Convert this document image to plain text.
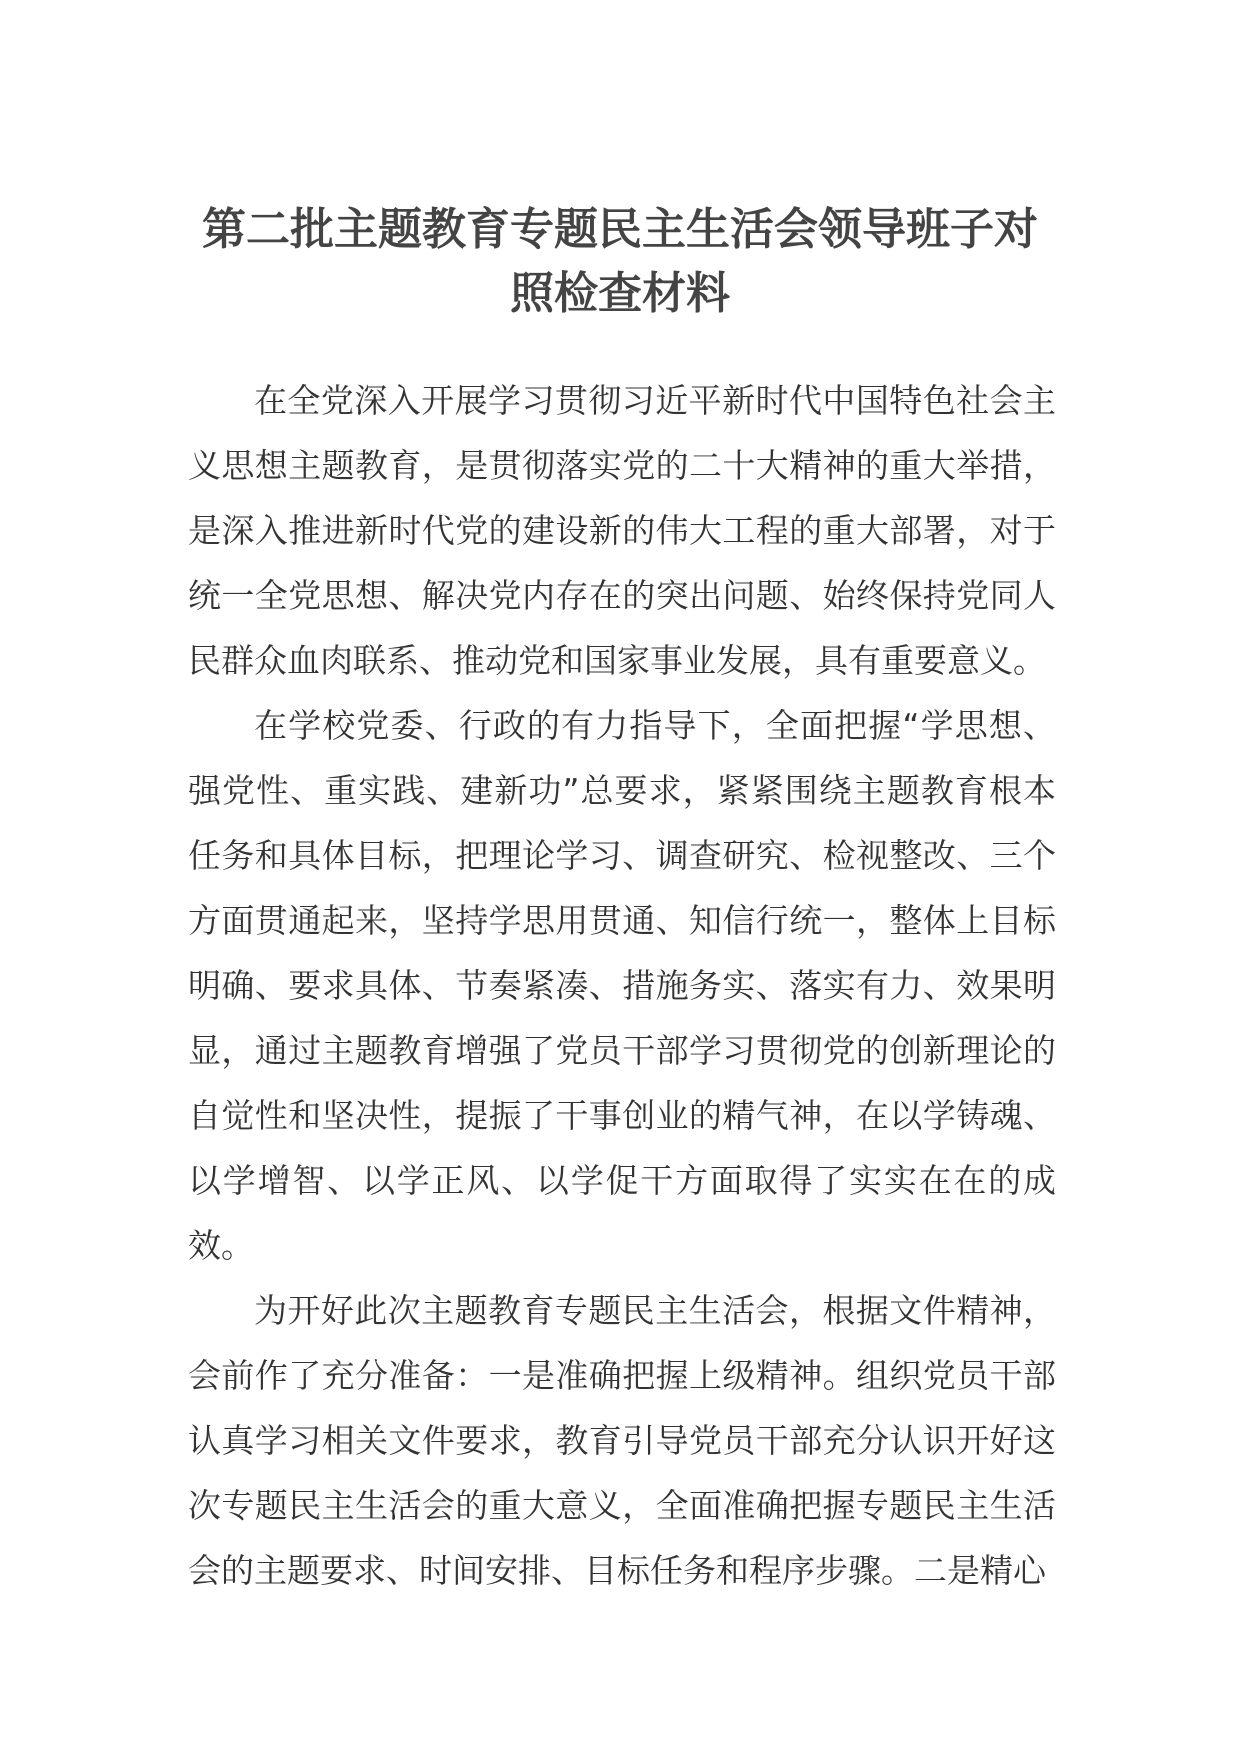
第二批主题教育专题民主生活会领导班子对
照检查材料

在全党深入开展学习贯彻习近平新时代中国特色社会主义思想主题教育，是贯彻落实党的二十大精神的重大举措，是深入推进新时代党的建设新的伟大工程的重大部署，对于统一全党思想、解决党内存在的突出问题、始终保持党同人民群众血肉联系、推动党和国家事业发展，具有重要意义。

在学校党委、行政的有力指导下，全面把握“学思想、强党性、重实践、建新功”总要求，紧紧围绕主题教育根本任务和具体目标，把理论学习、调查研究、检视整改、三个方面贯通起来，坚持学思用贯通、知信行统一，整体上目标明确、要求具体、节奏紧凑、措施务实、落实有力、效果明显，通过主题教育增强了党员干部学习贯彻党的创新理论的自觉性和坚决性，提振了干事创业的精气神，在以学铸魂、以学增智、以学正风、以学促干方面取得了实实在在的成效。

为开好此次主题教育专题民主生活会，根据文件精神，会前作了充分准备：一是准确把握上级精神。组织党员干部认真学习相关文件要求，教育引导党员干部充分认识开好这次专题民主生活会的重大意义，全面准确把握专题民主生活会的主题要求、时间安排、目标任务和程序步骤。二是精心
